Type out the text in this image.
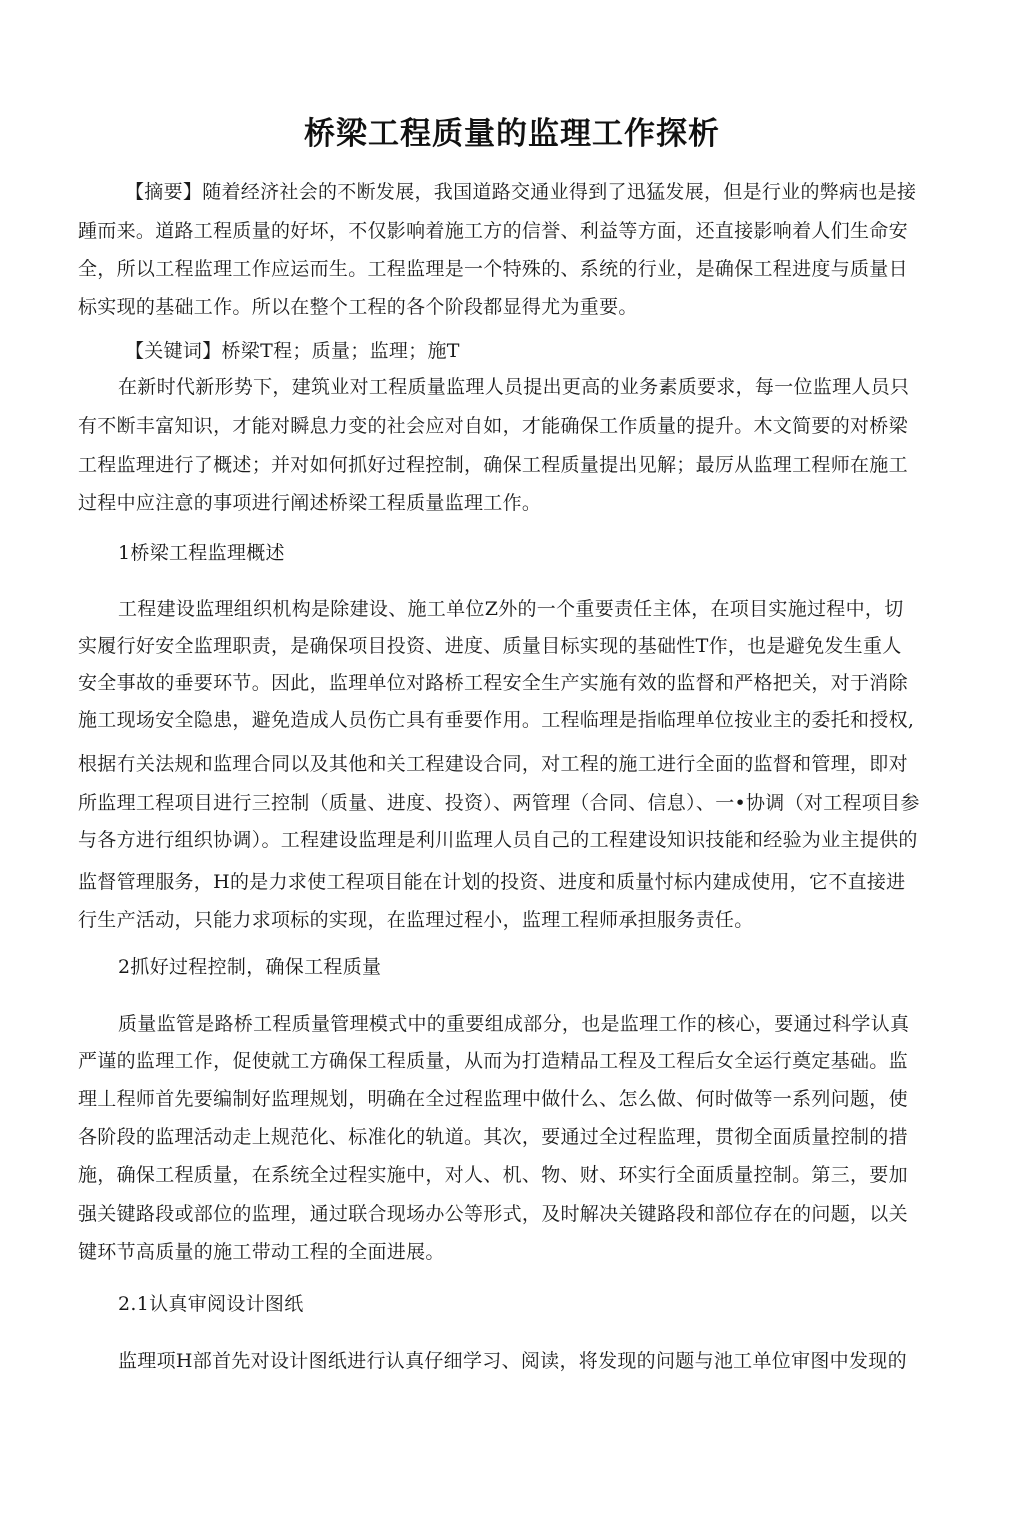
桥梁工程质量的监理工作探析
【摘要】随着经济社会的不断发展，我国道路交通业得到了迅猛发展，但是行业的弊病也是接
踵而来。道路工程质量的好坏，不仅影响着施工方的信誉、利益等方面，还直接影响着人们生命安
全，所以工程监理工作应运而生。工程监理是一个特殊的、系统的行业，是确保工程进度与质量日
标实现的基础工作。所以在整个工程的各个阶段都显得尤为重要。
【关键词】桥梁T程；质量；监理；施T
在新时代新形势下，建筑业对工程质量监理人员提出更高的业务素质要求，每一位监理人员只
有不断丰富知识，才能对瞬息力变的社会应对自如，才能确保工作质量的提升。木文简要的对桥梁
工程监理进行了概述；并对如何抓好过程控制，确保工程质量提出见解；最厉从监理工程师在施工
过程中应注意的事项进行阐述桥梁工程质量监理工作。
1桥梁工程监理概述
工程建设监理组织机构是除建设、施工单位Z外的一个重要责任主体，在项目实施过程中，切
实履行好安全监理职责，是确保项目投资、进度、质量目标实现的基础性T作，也是避免发生重人
安全事故的垂要环节。因此，监理单位对路桥工程安全生产实施有效的监督和严格把关，对于消除
施工现场安全隐患，避免造成人员伤亡具有垂要作用。工程临理是指临理单位按业主的委托和授权,
根据冇关法规和监理合同以及其他和关工程建设合同，对工程的施工进行全面的监督和管理，即对
所监理工程项目进行三控制（质量、进度、投资）、两管理（合同、信息）、一•协调（对工程项目参
与各方进行组织协调）。工程建设监理是利川监理人员自己的工程建设知识技能和经验为业主提供的
监督管理服务，H的是力求使工程项目能在计划的投资、进度和质量忖标内建成使用，它不直接进
行生产活动，只能力求项标的实现，在监理过程小，监理工程师承担服务责任。
2抓好过程控制，确保工程质量
质量监管是路桥工程质量管理模式中的重要组成部分，也是监理工作的核心，要通过科学认真
严谨的监理工作，促使就工方确保工程质量，从而为打造精品工程及工程后女全运行奠定基础。监
理丄程师首先要编制好监理规划，明确在全过程监理中做什么、怎么做、何时做等一系列问题，使
各阶段的监理活动走上规范化、标准化的轨道。其次，要通过全过程监理，贯彻全面质量控制的措
施，确保工程质量，在系统全过程实施中，对人、机、物、财、环实行全面质量控制。第三，要加
强关键路段或部位的监理，通过联合现场办公等形式，及时解决关键路段和部位存在的问题，以关
键环节高质量的施工带动工程的全面进展。
2.1认真审阅设计图纸
监理项H部首先对设计图纸进行认真仔细学习、阅读，将发现的问题与池工单位审图中发现的
